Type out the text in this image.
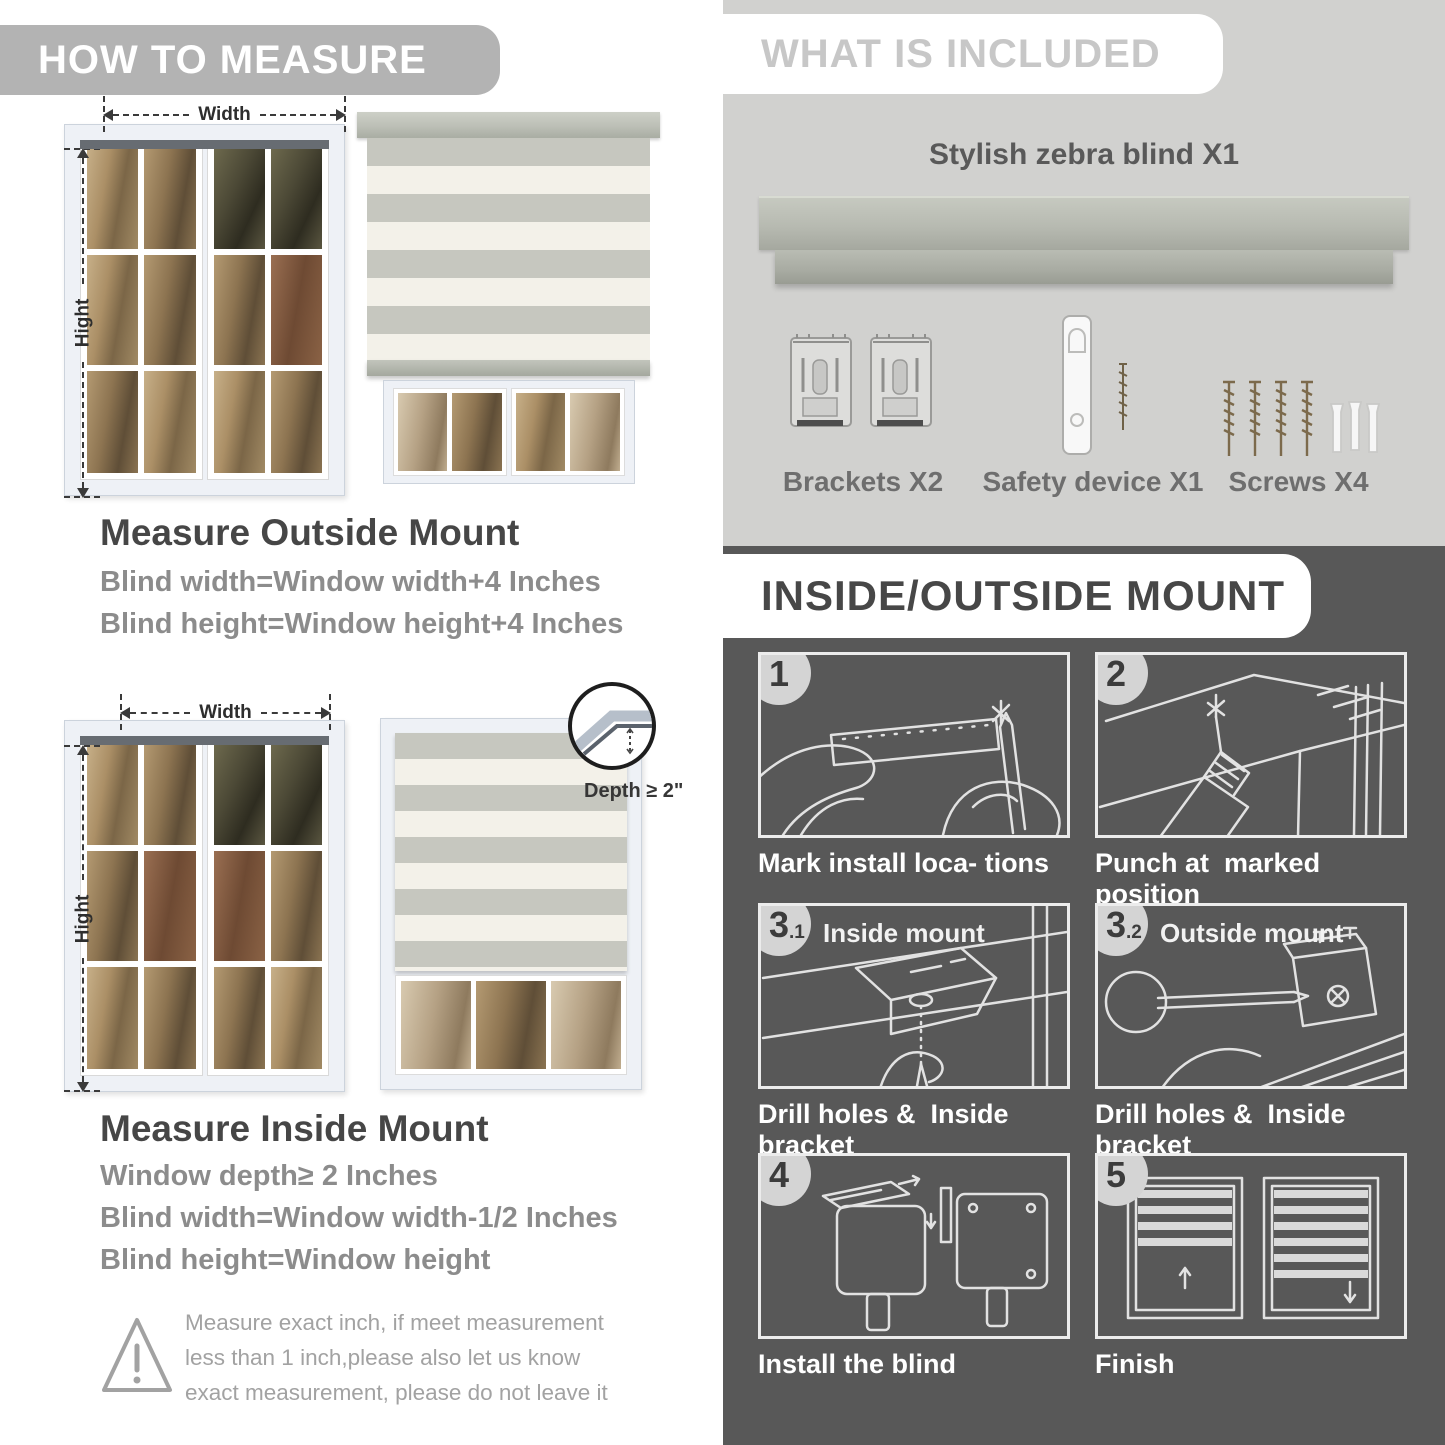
HOW TO MEASURE
Width
Hight
Measure Outside Mount

Blind width=Window width+4 Inches

Blind height=Window height+4 Inches

Width
Hight
Depth ≥ 2"
Measure Inside Mount

Window depth≥ 2 Inches

Blind width=Window width-1/2 Inches

Blind height=Window height

Measure exact inch, if meet measurement less than 1 inch,please also let us know exact measurement, please do not leave it

WHAT IS INCLUDED
Stylish zebra blind X1
Brackets X2	Safety device X1 Screws X4
INSIDE/OUTSIDE MOUNT
1
Mark install loca- tions
2
Punch at  marked position
3 .1 Inside mount
Drill holes &  Inside bracket
3 .2 Outside mount
Drill holes &  Inside bracket
4
Install the blind
5
Finish
